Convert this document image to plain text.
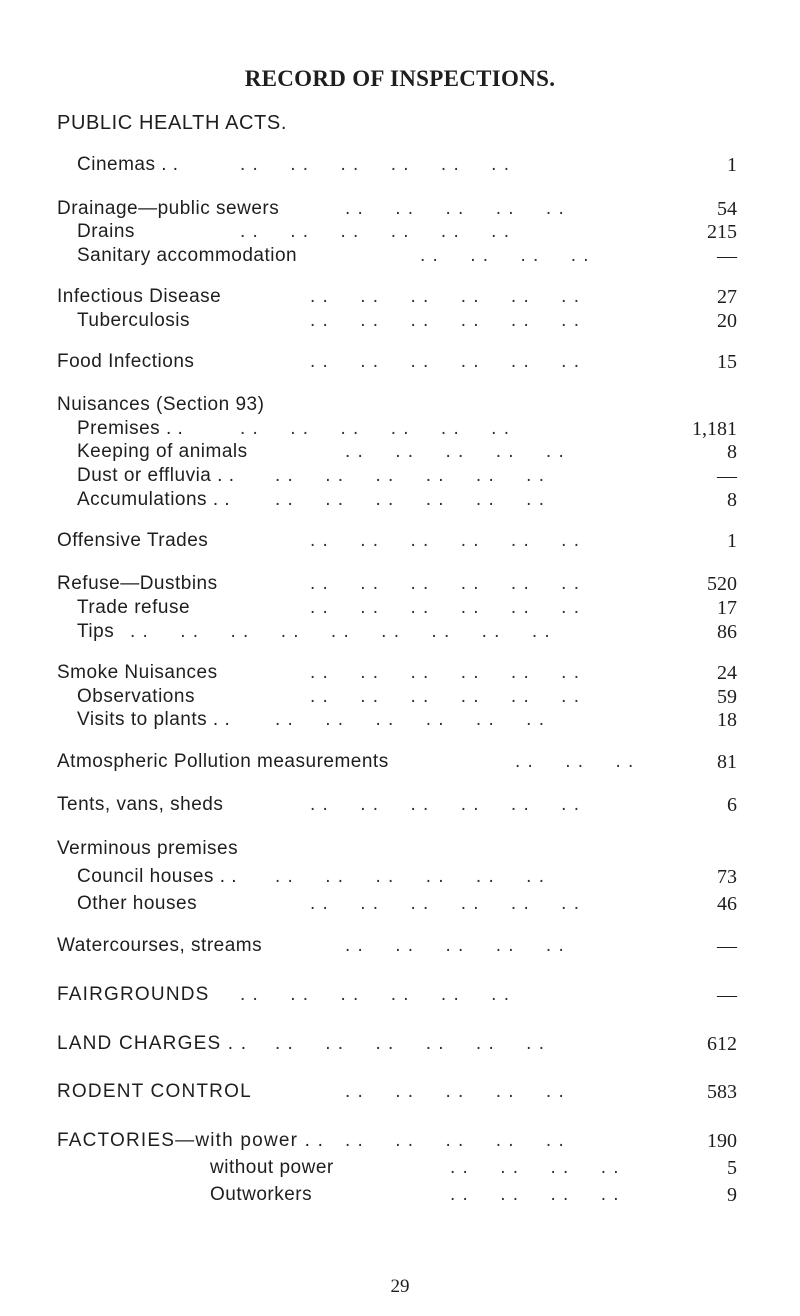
RECORD OF INSPECTIONS.
PUBLIC HEALTH ACTS.
Cinemas . .	. .     . .     . .     . .     . .     . .	1
Drainage—public sewers	. .     . .     . .     . .     . .	54
Drains	. .     . .     . .     . .     . .     . .	215
Sanitary accommodation	. .     . .     . .     . .	—
Infectious Disease	. .     . .     . .     . .     . .     . .	27
Tuberculosis	. .     . .     . .     . .     . .     . .	20
Food Infections	. .     . .     . .     . .     . .     . .	15
Nuisances (Section 93)
Premises . .	. .     . .     . .     . .     . .     . .	1,181
Keeping of animals	. .     . .     . .     . .     . .	8
Dust or effluvia . . . .     . .     . .     . .     . .     . .	—
Accumulations . . . .     . .     . .     . .     . .     . .	8
Offensive Trades	. .     . .     . .     . .     . .     . .	1
Refuse—Dustbins	. .     . .     . .     . .     . .     . .	520
Trade refuse	. .     . .     . .     . .     . .     . .	17
Tips . .     . .     . .     . .     . .     . .     . .     . .     . .	86
Smoke Nuisances	. .     . .     . .     . .     . .     . .	24
Observations	. .     . .     . .     . .     . .     . .	59
Visits to plants . . . .     . .     . .     . .     . .     . .	18
Atmospheric Pollution measurements	. .     . .     . .	81
Tents, vans, sheds	. .     . .     . .     . .     . .     . .	6
Verminous premises
Council houses . . . .     . .     . .     . .     . .     . .	73
Other houses	. .     . .     . .     . .     . .     . .	46
Watercourses, streams	. .     . .     . .     . .     . .	—
FAIRGROUNDS . .     . .     . .     . .     . .     . .	—
LAND CHARGES . . . .     . .     . .     . .     . .     . .	612
RODENT CONTROL	. .     . .     . .     . .     . .	583
FACTORIES—with power . . . .     . .     . .     . .     . .	190
without power	. .     . .     . .     . .	5
Outworkers	. .     . .     . .     . .	9
29
